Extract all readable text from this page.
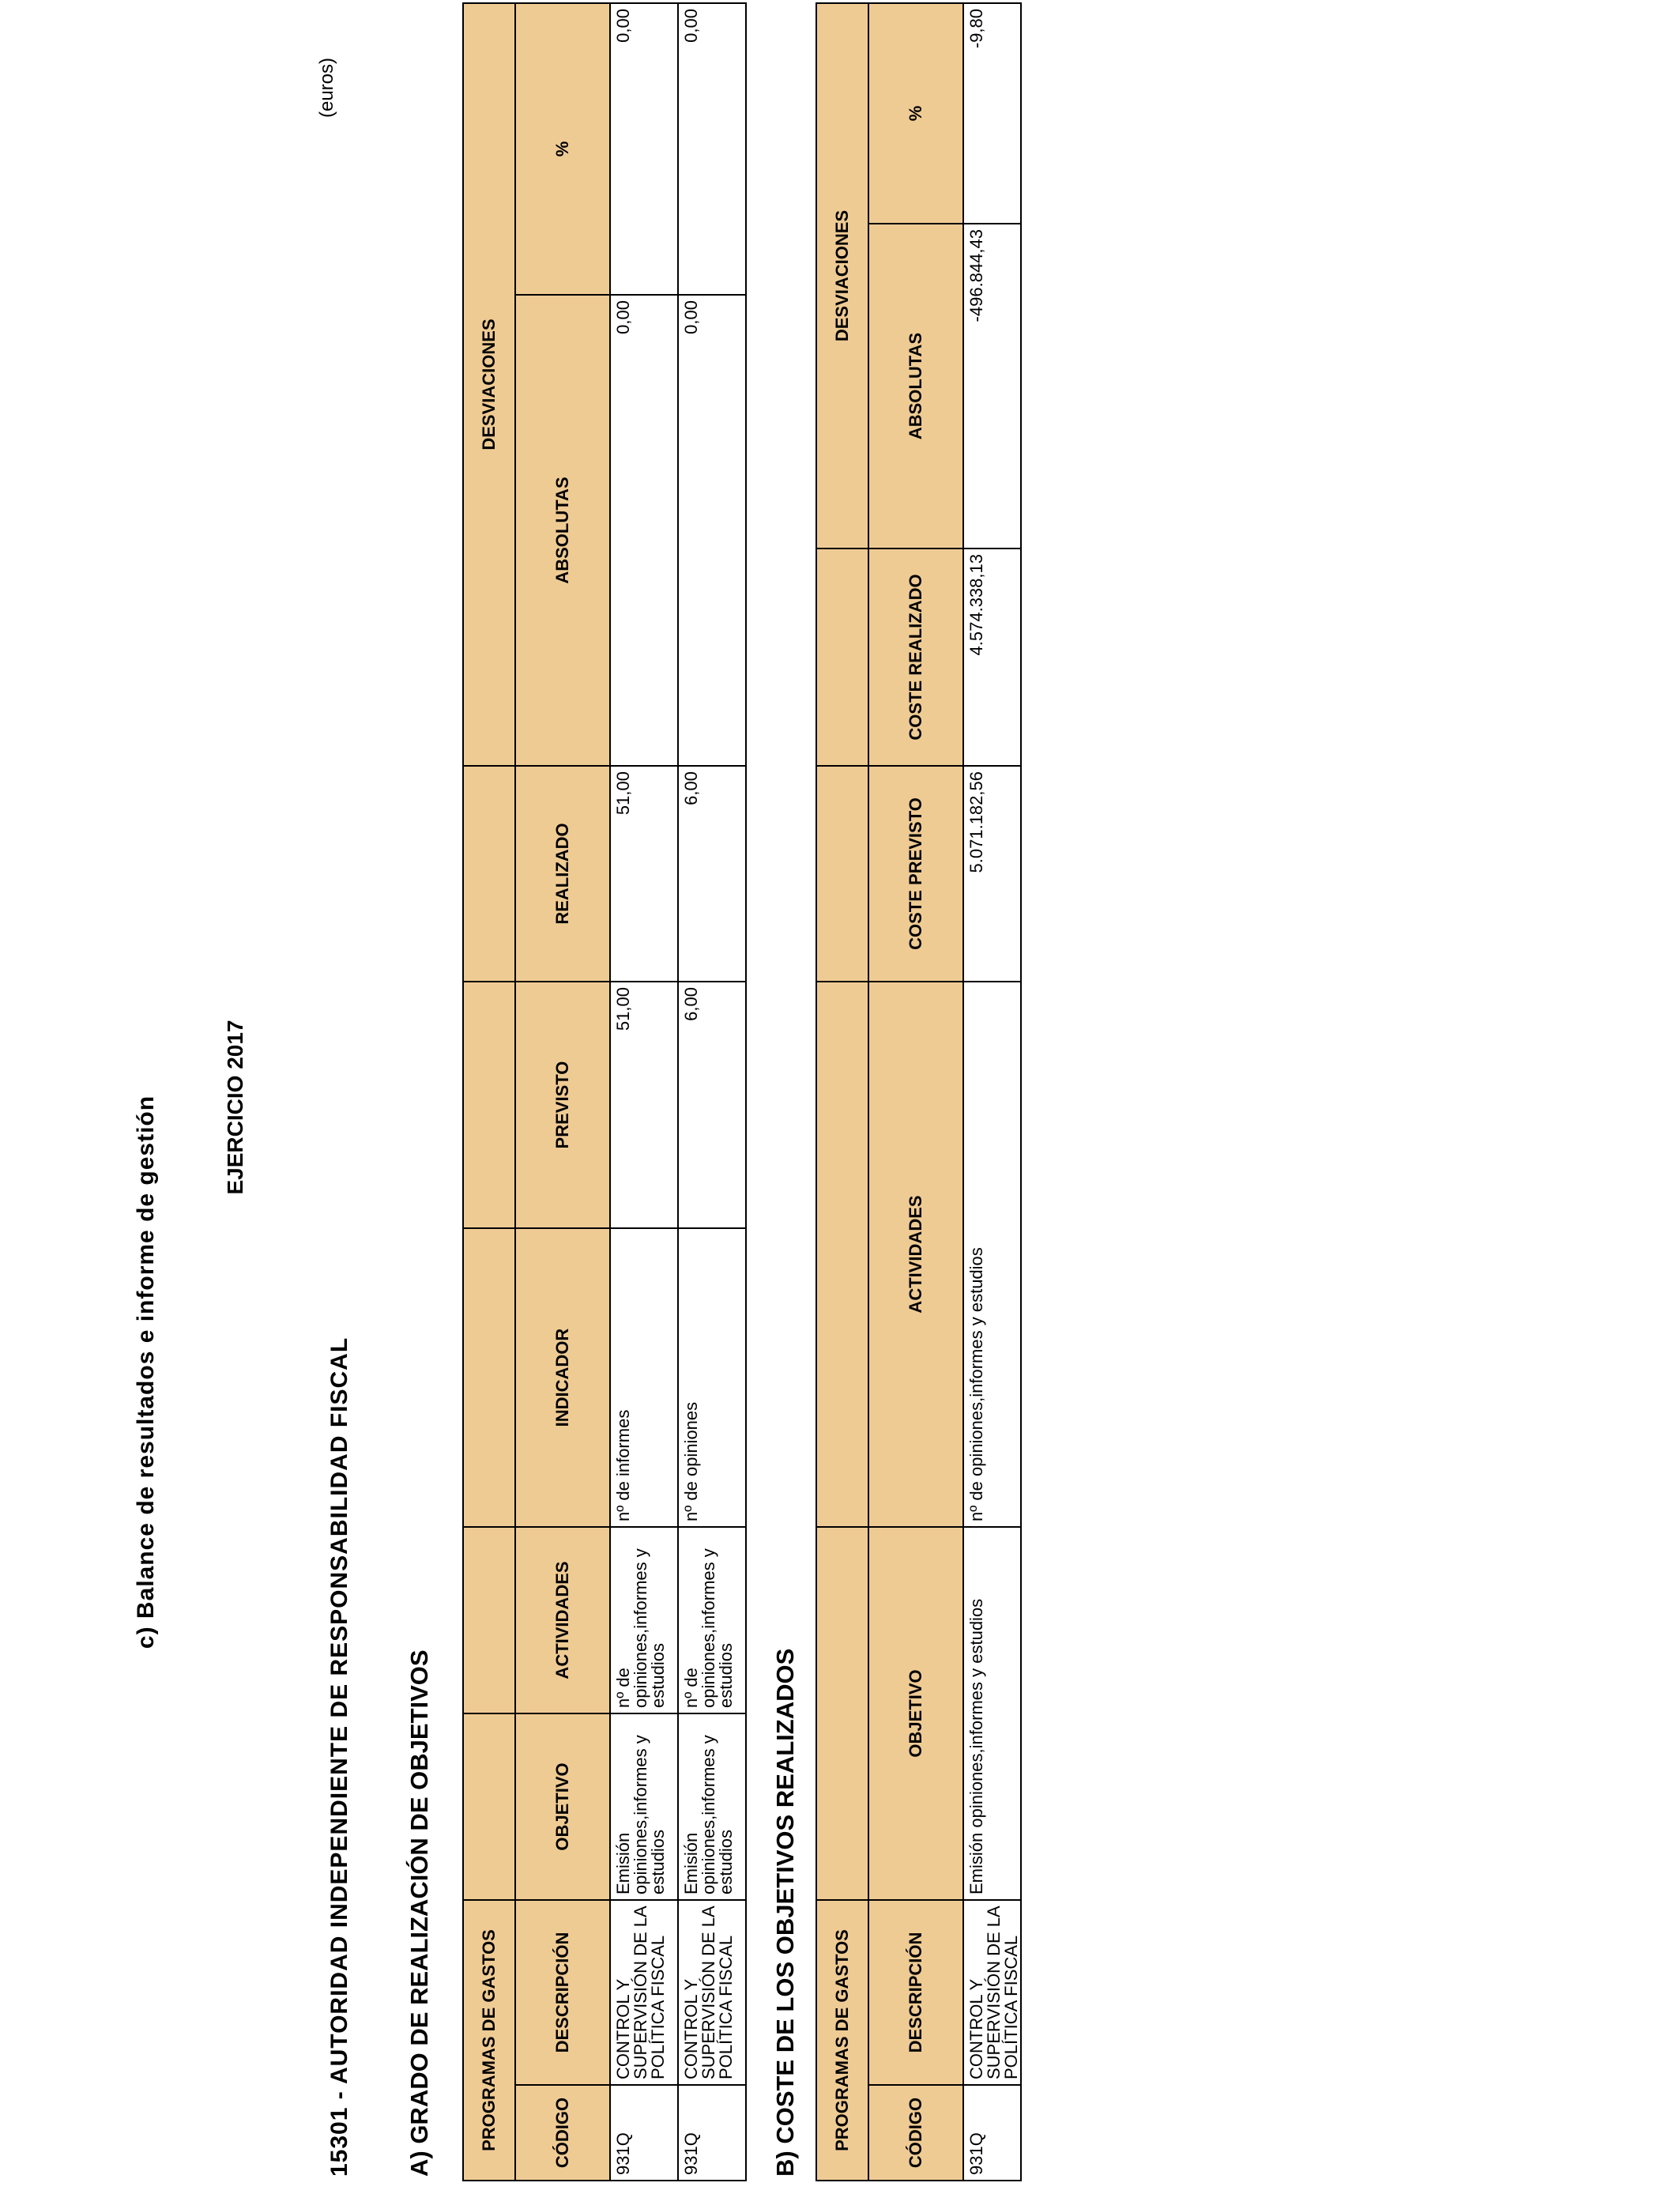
c) Balance de resultados e informe de gestión	EJERCICIO 2017
15301 - AUTORIDAD INDEPENDIENTE DE RESPONSABILIDAD FISCAL
(euros)
A) GRADO DE REALIZACIÓN DE OBJETIVOS	PROGRAMAS DE GASTOS							DESVIACIONES	
CÓDIGO	DESCRIPCIÓN	OBJETIVO	ACTIVIDADES	INDICADOR	PREVISTO	REALIZADO	ABSOLUTAS	%
931Q	CONTROL Y SUPERVISIÓN DE LA POLÍTICA FISCAL	Emisión opiniones,informes y estudios	nº de opiniones,informes y estudios	nº de informes	51,00	51,00	0,00	0,00
931Q	CONTROL Y SUPERVISIÓN DE LA POLÍTICA FISCAL	Emisión opiniones,informes y estudios	nº de opiniones,informes y estudios	nº de opiniones	6,00	6,00	0,00	0,00
B) COSTE DE LOS OBJETIVOS REALIZADOS PROGRAMAS DE GASTOS						DESVIACIONES	
CÓDIGO	DESCRIPCIÓN	OBJETIVO	ACTIVIDADES	COSTE PREVISTO	COSTE REALIZADO	ABSOLUTAS	%
931Q	CONTROL Y SUPERVISIÓN DE LA POLÍTICA FISCAL	Emisión opiniones,informes y estudios	nº de opiniones,informes y estudios	5.071.182,56	4.574.338,13	-496.844,43	-9,80
